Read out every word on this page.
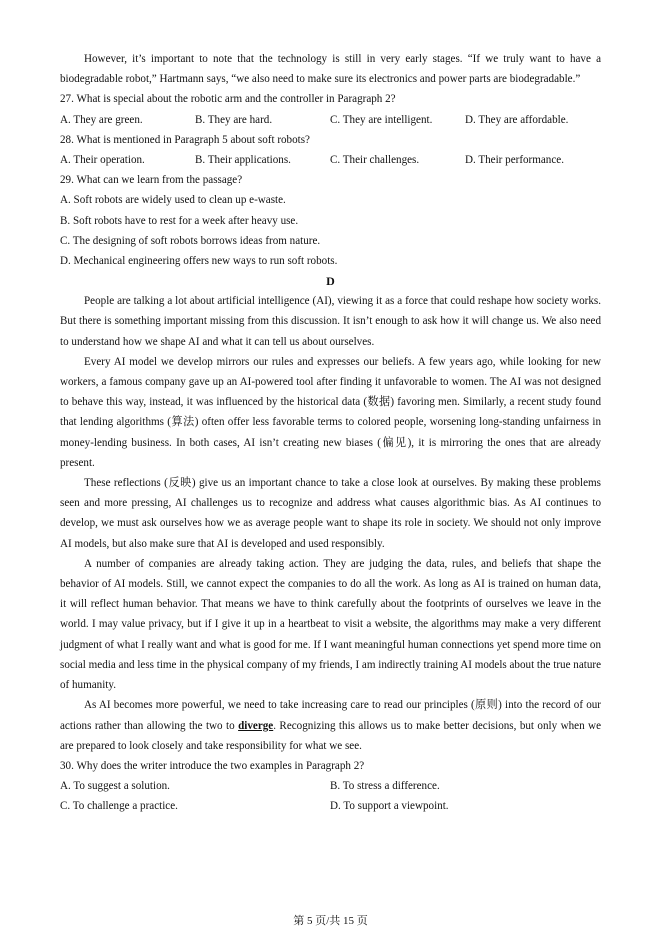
However, it’s important to note that the technology is still in very early stages. “If we truly want to have a biodegradable robot,” Hartmann says, “we also need to make sure its electronics and power parts are biodegradable.”

27. What is special about the robotic arm and the controller in Paragraph 2?
A. They are green.	B. They are hard.	C. They are intelligent.	D. They are affordable.
28. What is mentioned in Paragraph 5 about soft robots?
A. Their operation.	B. Their applications.	C. Their challenges.	D. Their performance.
29. What can we learn from the passage?
A. Soft robots are widely used to clean up e-waste.
B. Soft robots have to rest for a week after heavy use.
C. The designing of soft robots borrows ideas from nature.
D. Mechanical engineering offers new ways to run soft robots.
D

People are talking a lot about artificial intelligence (AI), viewing it as a force that could reshape how society works. But there is something important missing from this discussion. It isn’t enough to ask how it will change us. We also need to understand how we shape AI and what it can tell us about ourselves.

Every AI model we develop mirrors our rules and expresses our beliefs. A few years ago, while looking for new workers, a famous company gave up an AI-powered tool after finding it unfavorable to women. The AI was not designed to behave this way, instead, it was influenced by the historical data (数据) favoring men. Similarly, a recent study found that lending algorithms (算法) often offer less favorable terms to colored people, worsening long-standing unfairness in money-lending business. In both cases, AI isn’t creating new biases (偏见), it is mirroring the ones that are already present.

These reflections (反映) give us an important chance to take a close look at ourselves. By making these problems seen and more pressing, AI challenges us to recognize and address what causes algorithmic bias. As AI continues to develop, we must ask ourselves how we as average people want to shape its role in society. We should not only improve AI models, but also make sure that AI is developed and used responsibly.

A number of companies are already taking action. They are judging the data, rules, and beliefs that shape the behavior of AI models. Still, we cannot expect the companies to do all the work. As long as AI is trained on human data, it will reflect human behavior. That means we have to think carefully about the footprints of ourselves we leave in the world. I may value privacy, but if I give it up in a heartbeat to visit a website, the algorithms may make a very different judgment of what I really want and what is good for me. If I want meaningful human connections yet spend more time on social media and less time in the physical company of my friends, I am indirectly training AI models about the true nature of humanity.

As AI becomes more powerful, we need to take increasing care to read our principles (原则) into the record of our actions rather than allowing the two to diverge. Recognizing this allows us to make better decisions, but only when we are prepared to look closely and take responsibility for what we see.

30. Why does the writer introduce the two examples in Paragraph 2?
A. To suggest a solution.	B. To stress a difference.
C. To challenge a practice.	D. To support a viewpoint.
第 5 页/共 15 页
